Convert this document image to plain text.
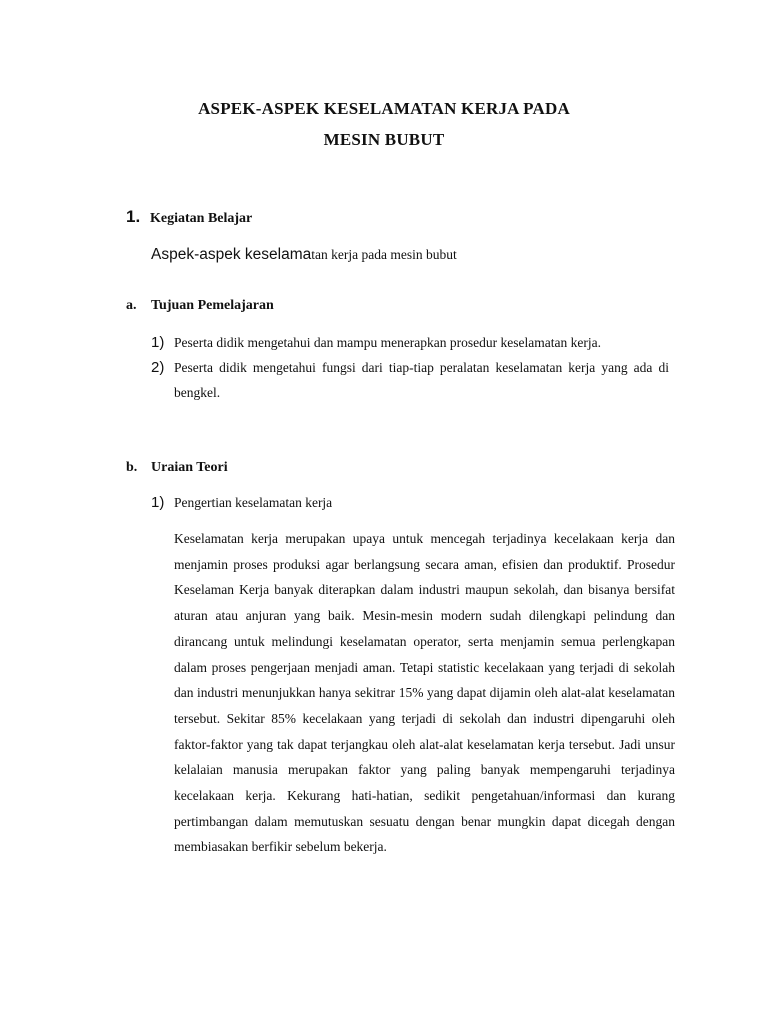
ASPEK-ASPEK KESELAMATAN KERJA PADA
MESIN BUBUT
1. Kegiatan Belajar
Aspek-aspek keselamatan kerja pada mesin bubut
a. Tujuan Pemelajaran
1) Peserta didik mengetahui dan mampu menerapkan prosedur keselamatan kerja.
2) Peserta didik mengetahui fungsi dari tiap-tiap peralatan keselamatan kerja yang ada di bengkel.
b. Uraian Teori
1) Pengertian keselamatan kerja
Keselamatan kerja merupakan upaya untuk mencegah terjadinya kecelakaan kerja dan menjamin proses produksi agar berlangsung secara aman, efisien dan produktif. Prosedur Keselaman Kerja banyak diterapkan dalam industri maupun sekolah, dan bisanya bersifat aturan atau anjuran yang baik. Mesin-mesin modern sudah dilengkapi pelindung dan dirancang untuk melindungi keselamatan operator, serta menjamin semua perlengkapan dalam proses pengerjaan menjadi aman. Tetapi statistic kecelakaan yang terjadi di sekolah dan industri menunjukkan hanya sekitrar 15% yang dapat dijamin oleh alat-alat keselamatan tersebut. Sekitar 85% kecelakaan yang terjadi di sekolah dan industri dipengaruhi oleh faktor-faktor yang tak dapat terjangkau oleh alat-alat keselamatan kerja tersebut. Jadi unsur kelalaian manusia merupakan faktor yang paling banyak mempengaruhi terjadinya kecelakaan kerja. Kekurang hati-hatian, sedikit pengetahuan/informasi dan kurang pertimbangan dalam memutuskan sesuatu dengan benar mungkin dapat dicegah dengan membiasakan berfikir sebelum bekerja.
